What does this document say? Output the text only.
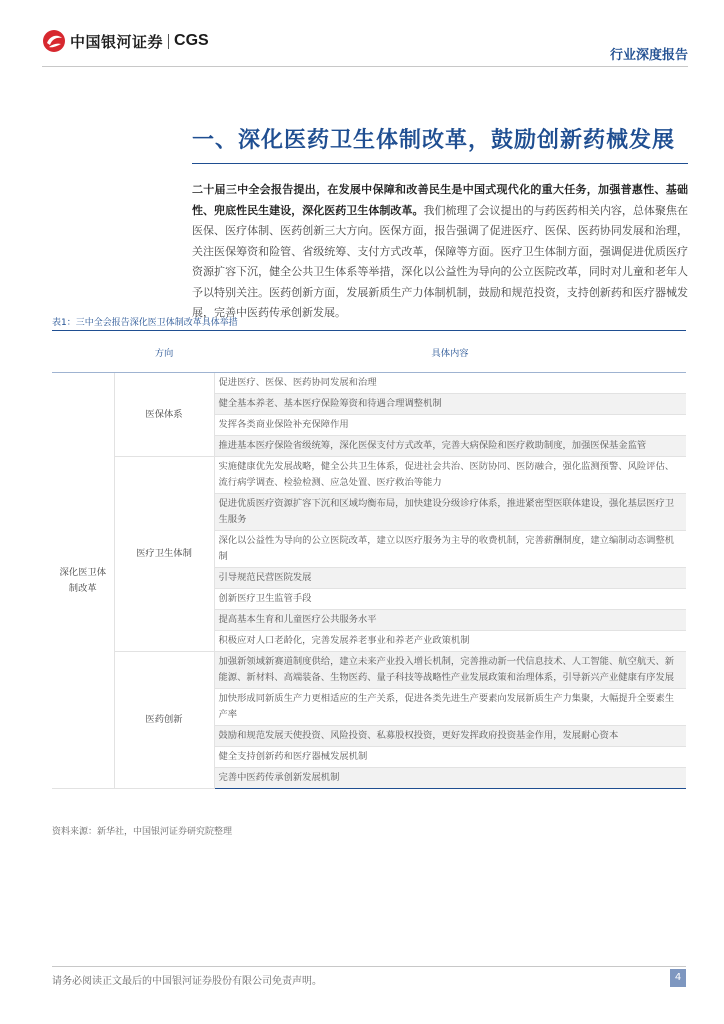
中国银河证券 CGS
行业深度报告
一、深化医药卫生体制改革，鼓励创新药械发展
二十届三中全会报告提出，在发展中保障和改善民生是中国式现代化的重大任务，加强普惠性、基础性、兜底性民生建设，深化医药卫生体制改革。我们梳理了会议提出的与药医药相关内容，总体聚焦在医保、医疗体制、医药创新三大方向。医保方面，报告强调了促进医疗、医保、医药协同发展和治理，关注医保筹资和险管、省级统筹、支付方式改革，保障等方面。医疗卫生体制方面，强调促进优质医疗资源扩容下沉，健全公共卫生体系等举措，深化以公益性为导向的公立医院改革，同时对儿童和老年人予以特别关注。医药创新方面，发展新质生产力体制机制，鼓励和规范投资，支持创新药和医疗器械发展，完善中医药传承创新发展。
表1：三中全会报告深化医卫体制改革具体举措
	方向	具体内容
深化医卫体制改革	医保体系	促进医疗、医保、医药协同发展和治理
		健全基本养老、基本医疗保险筹资和待遇合理调整机制
		发挥各类商业保险补充保障作用
		推进基本医疗保险省级统筹，深化医保支付方式改革，完善大病保险和医疗救助制度，加强医保基金监管
	医疗卫生体制	实施健康优先发展战略，健全公共卫生体系，促进社会共治、医防协同、医防融合，强化监测预警、风险评估、流行病学调查、检验检测、应急处置、医疗救治等能力
		促进优质医疗资源扩容下沉和区域均衡布局，加快建设分级诊疗体系，推进紧密型医联体建设，强化基层医疗卫生服务
		深化以公益性为导向的公立医院改革，建立以医疗服务为主导的收费机制，完善薪酬制度，建立编制动态调整机制
		引导规范民营医院发展
		创新医疗卫生监管手段
		提高基本生育和儿童医疗公共服务水平
		积极应对人口老龄化，完善发展养老事业和养老产业政策机制
	医药创新	加强新领域新赛道制度供给，建立未来产业投入增长机制，完善推动新一代信息技术、人工智能、航空航天、新能源、新材料、高端装备、生物医药、量子科技等战略性产业发展政策和治理体系，引导新兴产业健康有序发展
		加快形成同新质生产力更相适应的生产关系，促进各类先进生产要素向发展新质生产力集聚，大幅提升全要素生产率
		鼓励和规范发展天使投资、风险投资、私募股权投资，更好发挥政府投资基金作用，发展耐心资本
		健全支持创新药和医疗器械发展机制
		完善中医药传承创新发展机制
资料来源：新华社，中国银河证券研究院整理
请务必阅读正文最后的中国银河证券股份有限公司免责声明。	4
